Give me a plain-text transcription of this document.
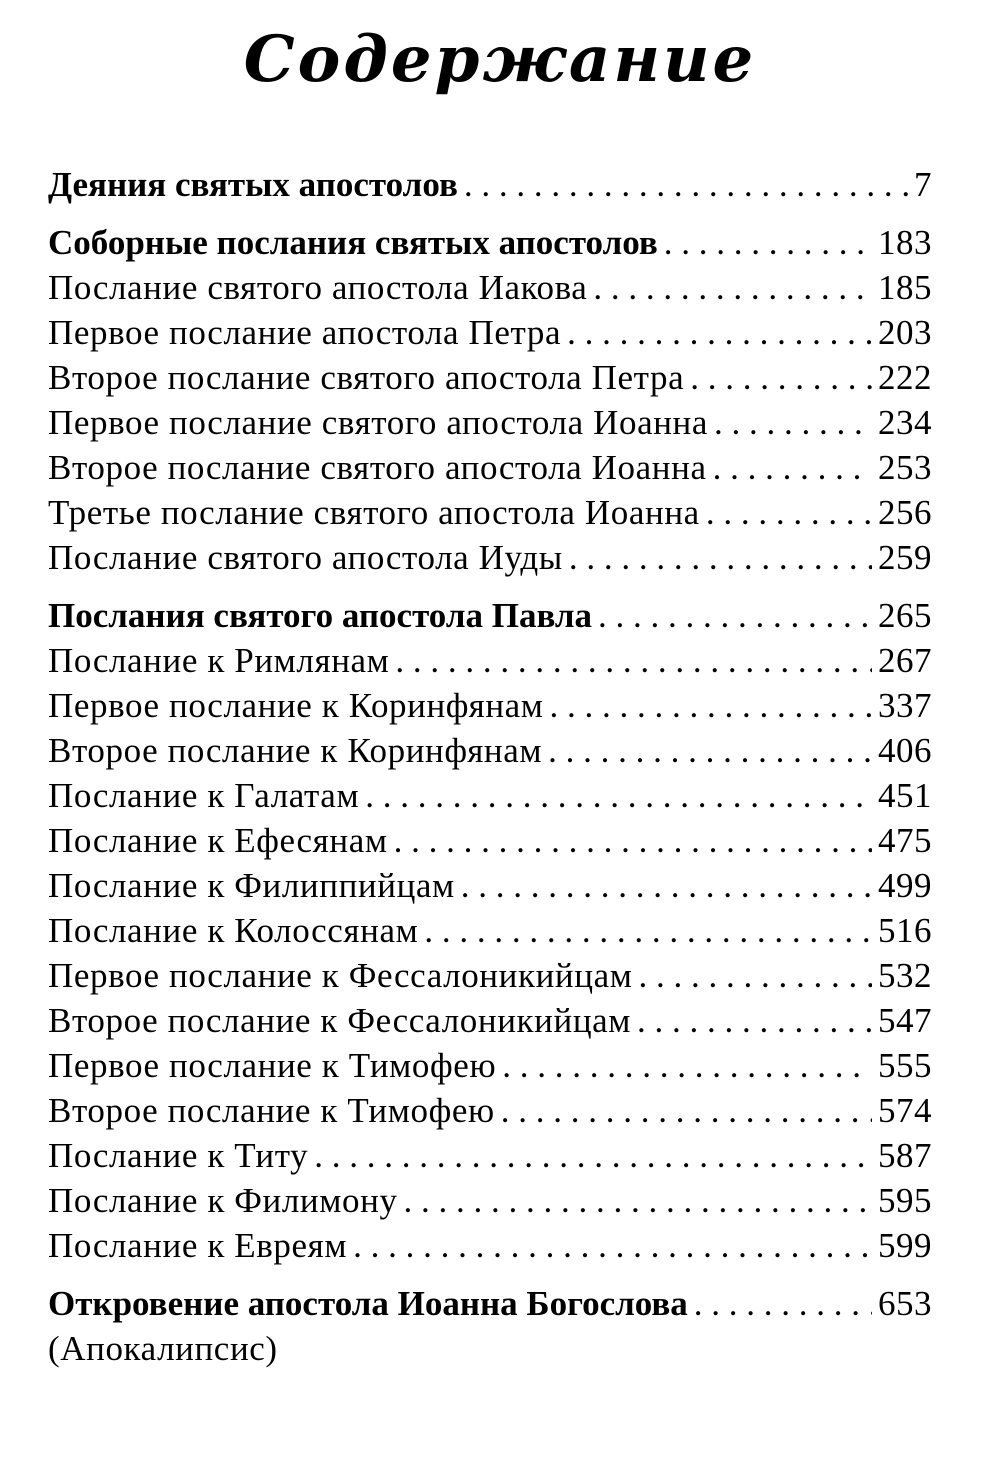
Содержание
Деяния святых апостолов . . .	7
Соборные послания святых апостолов . . .	183
Послание святого апостола Иакова . . .	185
Первое послание апостола Петра . . .	203
Второе послание святого апостола Петра . . .	222
Первое послание святого апостола Иоанна . . .	234
Второе послание святого апостола Иоанна . . .	253
Третье послание святого апостола Иоанна . . .	256
Послание святого апостола Иуды . . .	259
Послания святого апостола Павла . . .	265
Послание к Римлянам . . .	267
Первое послание к Коринфянам . . .	337
Второе послание к Коринфянам . . .	406
Послание к Галатам . . .	451
Послание к Ефесянам . . .	475
Послание к Филиппийцам . . .	499
Послание к Колоссянам . . .	516
Первое послание к Фессалоникийцам . . .	532
Второе послание к Фессалоникийцам . . .	547
Первое послание к Тимофею . . .	555
Второе послание к Тимофею . . .	574
Послание к Титу . . .	587
Послание к Филимону . . .	595
Послание к Евреям . . .	599
Откровение апостола Иоанна Богослова . . .	653
(Апокалипсис)
